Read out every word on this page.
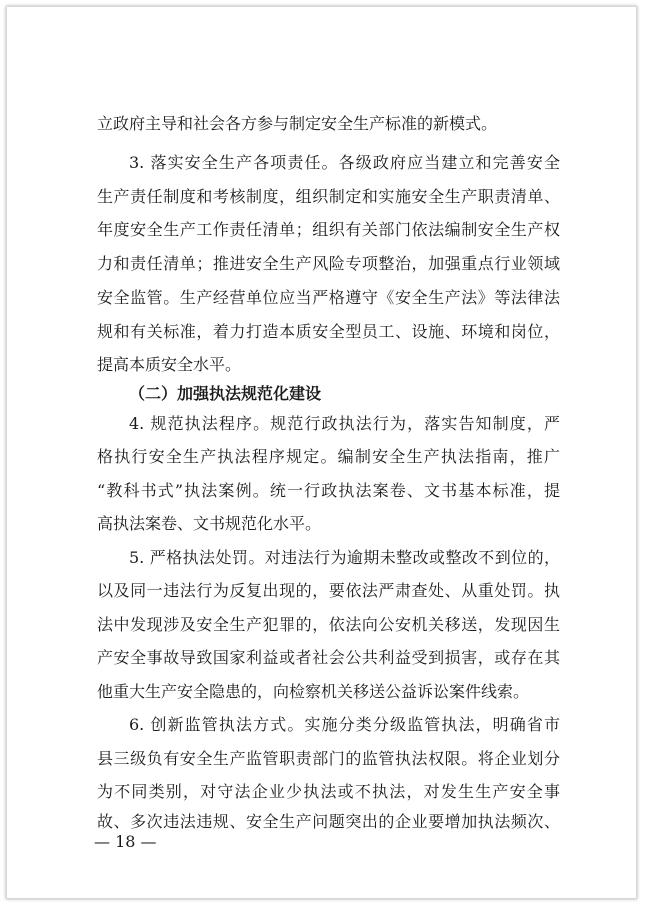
立政府主导和社会各方参与制定安全生产标准的新模式。
3. 落实安全生产各项责任。各级政府应当建立和完善安全
生产责任制度和考核制度，组织制定和实施安全生产职责清单、
年度安全生产工作责任清单；组织有关部门依法编制安全生产权
力和责任清单；推进安全生产风险专项整治，加强重点行业领域
安全监管。生产经营单位应当严格遵守《安全生产法》等法律法
规和有关标准，着力打造本质安全型员工、设施、环境和岗位，
提高本质安全水平。
（二）加强执法规范化建设
4. 规范执法程序。规范行政执法行为，落实告知制度，严
格执行安全生产执法程序规定。编制安全生产执法指南，推广
“教科书式”执法案例。统一行政执法案卷、文书基本标准，提
高执法案卷、文书规范化水平。
5. 严格执法处罚。对违法行为逾期未整改或整改不到位的，
以及同一违法行为反复出现的，要依法严肃查处、从重处罚。执
法中发现涉及安全生产犯罪的，依法向公安机关移送，发现因生
产安全事故导致国家利益或者社会公共利益受到损害，或存在其
他重大生产安全隐患的，向检察机关移送公益诉讼案件线索。
6. 创新监管执法方式。实施分类分级监管执法，明确省市
县三级负有安全生产监管职责部门的监管执法权限。将企业划分
为不同类别，对守法企业少执法或不执法，对发生生产安全事
故、多次违法违规、安全生产问题突出的企业要增加执法频次、
— 18 —
